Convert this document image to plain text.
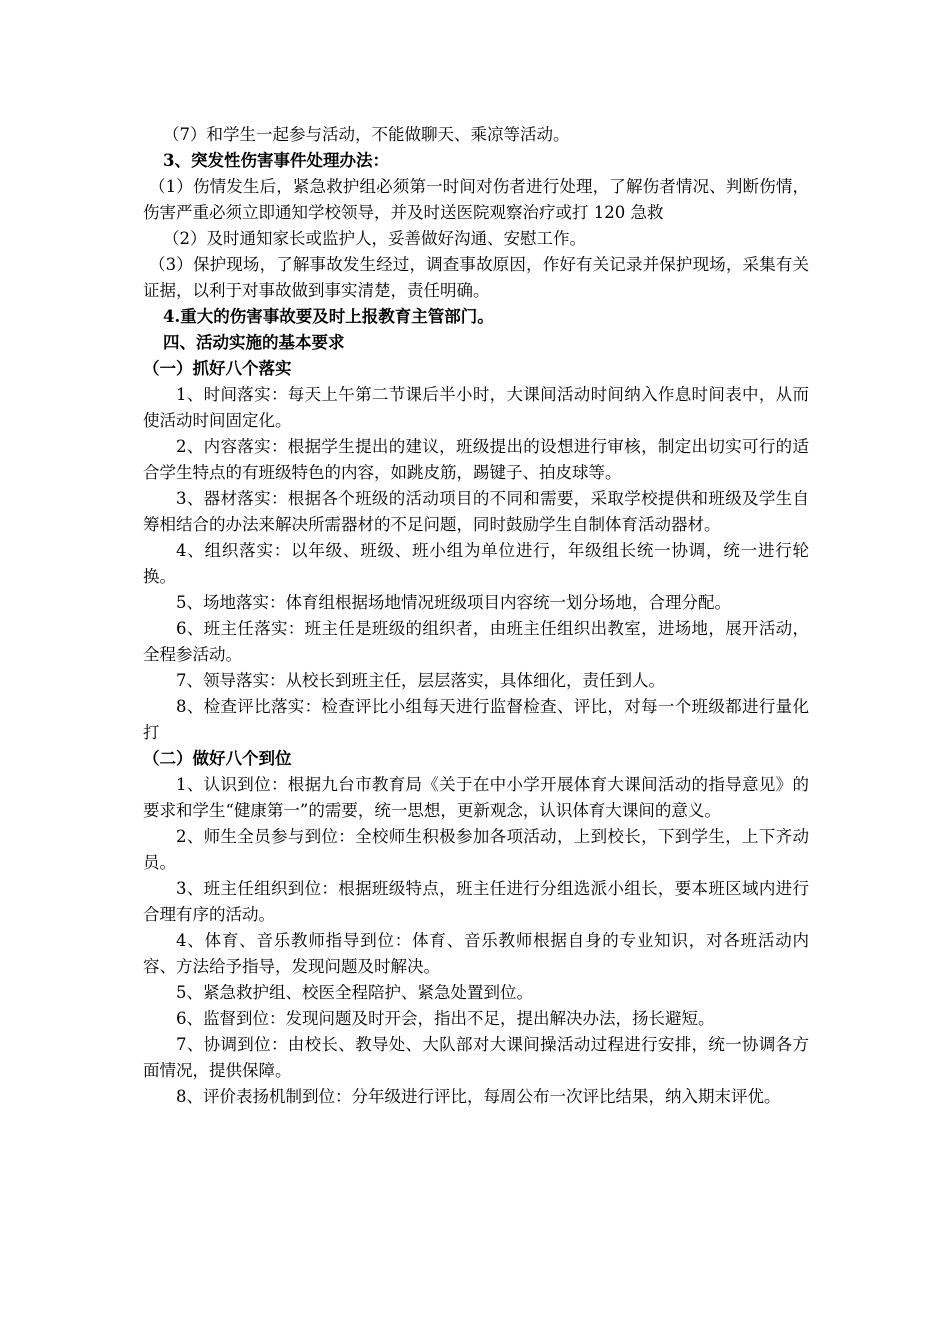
（7）和学生一起参与活动，不能做聊天、乘凉等活动。

3、突发性伤害事件处理办法：

（1）伤情发生后，紧急救护组必须第一时间对伤者进行处理，了解伤者情况、判断伤情，伤害严重必须立即通知学校领导，并及时送医院观察治疗或打 120 急救

（2）及时通知家长或监护人，妥善做好沟通、安慰工作。

（3）保护现场，了解事故发生经过，调查事故原因，作好有关记录并保护现场，采集有关证据，以利于对事故做到事实清楚，责任明确。

4.重大的伤害事故要及时上报教育主管部门。

四、活动实施的基本要求

（一）抓好八个落实

1、时间落实：每天上午第二节课后半小时，大课间活动时间纳入作息时间表中，从而使活动时间固定化。

2、内容落实：根据学生提出的建议，班级提出的设想进行审核，制定出切实可行的适合学生特点的有班级特色的内容，如跳皮筋，踢键子、拍皮球等。

3、器材落实：根据各个班级的活动项目的不同和需要，采取学校提供和班级及学生自筹相结合的办法来解决所需器材的不足问题，同时鼓励学生自制体育活动器材。

4、组织落实：以年级、班级、班小组为单位进行，年级组长统一协调，统一进行轮换。

5、场地落实：体育组根据场地情况班级项目内容统一划分场地，合理分配。

6、班主任落实：班主任是班级的组织者，由班主任组织出教室，进场地，展开活动，全程参活动。

7、领导落实：从校长到班主任，层层落实，具体细化，责任到人。

8、检查评比落实：检查评比小组每天进行监督检查、评比，对每一个班级都进行量化打

（二）做好八个到位

1、认识到位：根据九台市教育局《关于在中小学开展体育大课间活动的指导意见》的要求和学生“健康第一”的需要，统一思想，更新观念，认识体育大课间的意义。

2、师生全员参与到位：全校师生积极参加各项活动，上到校长，下到学生，上下齐动员。

3、班主任组织到位：根据班级特点，班主任进行分组选派小组长，要本班区域内进行合理有序的活动。

4、体育、音乐教师指导到位：体育、音乐教师根据自身的专业知识，对各班活动内容、方法给予指导，发现问题及时解决。

5、紧急救护组、校医全程陪护、紧急处置到位。

6、监督到位：发现问题及时开会，指出不足，提出解决办法，扬长避短。

7、协调到位：由校长、教导处、大队部对大课间操活动过程进行安排，统一协调各方面情况，提供保障。

8、评价表扬机制到位：分年级进行评比，每周公布一次评比结果，纳入期末评优。
